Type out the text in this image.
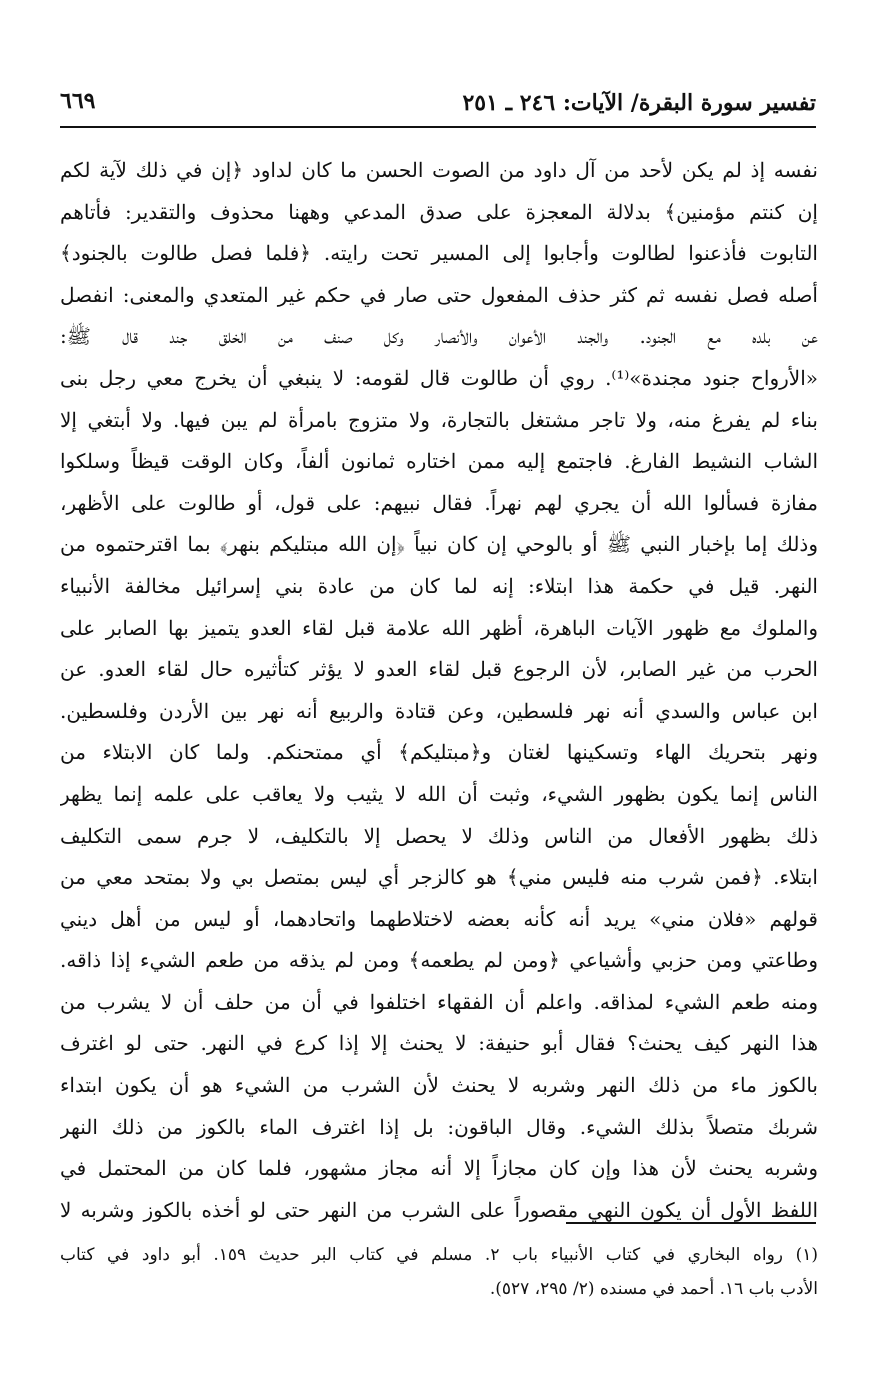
تفسير سورة البقرة/ الآيات: ٢٤٦ ـ ٢٥١
٦٦٩
نفسه إذ لم يكن لأحد من آل داود من الصوت الحسن ما كان لداود ﴿إن في ذلك لآية لكم
إن كنتم مؤمنين﴾ بدلالة المعجزة على صدق المدعي وههنا محذوف والتقدير: فأتاهم
التابوت فأذعنوا لطالوت وأجابوا إلى المسير تحت رايته. ﴿فلما فصل طالوت بالجنود﴾
أصله فصل نفسه ثم كثر حذف المفعول حتى صار في حكم غير المتعدي والمعنى: انفصل
عن بلده مع الجنود. والجند الأعوان والأنصار وكل صنف من الخلق جند قال ﷺ:
«الأرواح جنود مجندة»⁽¹⁾. روي أن طالوت قال لقومه: لا ينبغي أن يخرج معي رجل بنى
بناء لم يفرغ منه، ولا تاجر مشتغل بالتجارة، ولا متزوج بامرأة لم يبن فيها. ولا أبتغي إلا
الشاب النشيط الفارغ. فاجتمع إليه ممن اختاره ثمانون ألفاً، وكان الوقت قيظاً وسلكوا
مفازة فسألوا الله أن يجري لهم نهراً. فقال نبيهم: على قول، أو طالوت على الأظهر،
وذلك إما بإخبار النبي ﷺ أو بالوحي إن كان نبياً ﴿إن الله مبتليكم بنهر﴾ بما اقترحتموه من
النهر. قيل في حكمة هذا ابتلاء: إنه لما كان من عادة بني إسرائيل مخالفة الأنبياء
والملوك مع ظهور الآيات الباهرة، أظهر الله علامة قبل لقاء العدو يتميز بها الصابر على
الحرب من غير الصابر، لأن الرجوع قبل لقاء العدو لا يؤثر كتأثيره حال لقاء العدو. عن
ابن عباس والسدي أنه نهر فلسطين، وعن قتادة والربيع أنه نهر بين الأردن وفلسطين.
ونهر بتحريك الهاء وتسكينها لغتان و﴿مبتليكم﴾ أي ممتحنكم. ولما كان الابتلاء من
الناس إنما يكون بظهور الشيء، وثبت أن الله لا يثيب ولا يعاقب على علمه إنما يظهر
ذلك بظهور الأفعال من الناس وذلك لا يحصل إلا بالتكليف، لا جرم سمى التكليف
ابتلاء. ﴿فمن شرب منه فليس مني﴾ هو كالزجر أي ليس بمتصل بي ولا بمتحد معي من
قولهم «فلان مني» يريد أنه كأنه بعضه لاختلاطهما واتحادهما، أو ليس من أهل ديني
وطاعتي ومن حزبي وأشياعي ﴿ومن لم يطعمه﴾ ومن لم يذقه من طعم الشيء إذا ذاقه.
ومنه طعم الشيء لمذاقه. واعلم أن الفقهاء اختلفوا في أن من حلف أن لا يشرب من
هذا النهر كيف يحنث؟ فقال أبو حنيفة: لا يحنث إلا إذا كرع في النهر. حتى لو اغترف
بالكوز ماء من ذلك النهر وشربه لا يحنث لأن الشرب من الشيء هو أن يكون ابتداء
شربك متصلاً بذلك الشيء. وقال الباقون: بل إذا اغترف الماء بالكوز من ذلك النهر
وشربه يحنث لأن هذا وإن كان مجازاً إلا أنه مجاز مشهور، فلما كان من المحتمل في
اللفظ الأول أن يكون النهي مقصوراً على الشرب من النهر حتى لو أخذه بالكوز وشربه لا
(١) رواه البخاري في كتاب الأنبياء باب ٢. مسلم في كتاب البر حديث ١٥٩. أبو داود في كتاب
الأدب باب ١٦. أحمد في مسنده (٢/ ٢٩٥، ٥٢٧).
